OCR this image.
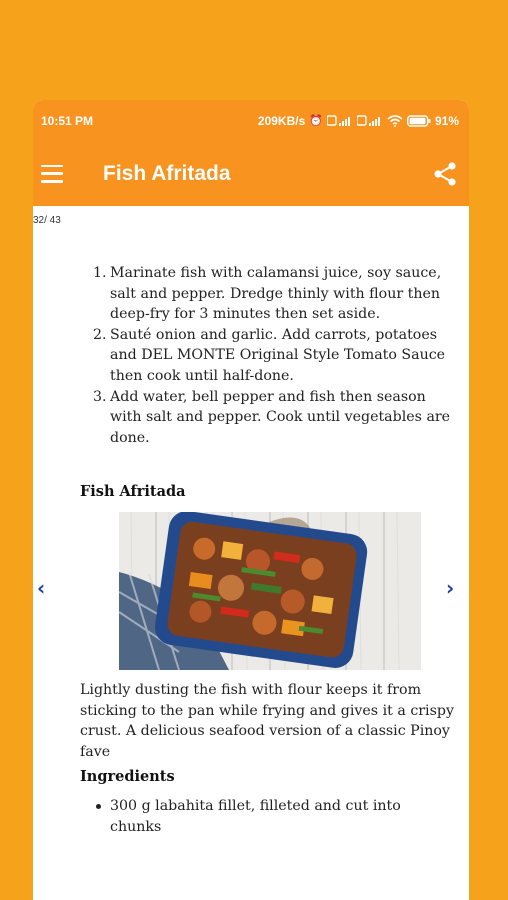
10:51 PM	209KB/s ⏰	91%
Fish Afritada
32/ 43
1. Marinate fish with calamansi juice, soy sauce, salt and pepper. Dredge thinly with flour then deep-fry for 3 minutes then set aside.
2. Sauté onion and garlic. Add carrots, potatoes and DEL MONTE Original Style Tomato Sauce then cook until half-done.
3. Add water, bell pepper and fish then season with salt and pepper. Cook until vegetables are done.
Fish Afritada
‹	›
Lightly dusting the fish with flour keeps it from sticking to the pan while frying and gives it a crispy crust. A delicious seafood version of a classic Pinoy fave
Ingredients
300 g labahita fillet, filleted and cut into chunks
